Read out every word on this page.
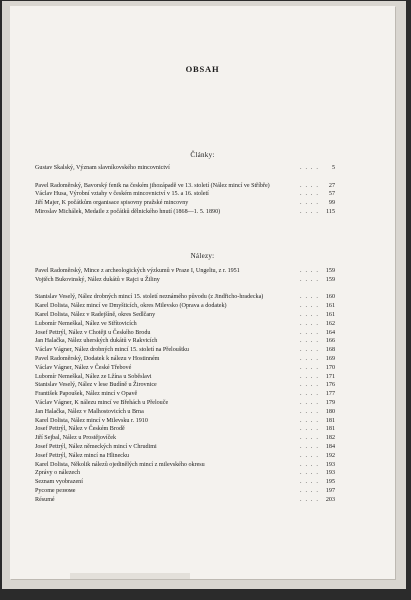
OBSAH
Články:
Gustav Skalský, Význam slavníkovského mincovnictví . . .	5
Pavel Radoměrský, Bavorský fenik na českém jihozápadě ve 13. století (Nález mincí ve Stříbře) . . .	27
Václav Husa, Výrobní vztahy v českém mincovnictví v 15. a 16. století . . .	57
Jiří Majer, K počátkům organisace spisovny pražské mincovny . . .	99
Miroslav Michálek, Medaile z počátků dělnického hnutí (1868—1. 5. 1890) . . .	115
Nálezy:
Pavel Radoměrský, Mince z archeologických výzkumů v Praze I, Ungeltu, z r. 1951 . . .	159
Vojtěch Bukovinský, Nález dukátů v Rajci u Žiliny . . .	159
Stanislav Veselý, Nález drobných mincí 15. století neznámého původu (z Jindřicho-hradecka) . . .	160
Karel Dolista, Nález mincí ve Dmyšticích, okres Milevsko (Oprava a dodatek) . . .	161
Karel Dolista, Nález v Radejšíně, okres Sedlčany . . .	161
Lubomír Nemeškal, Nález ve Střítovicích . . .	162
Josef Pettrýl, Nález v Chotěji u Českého Brodu . . .	164
Jan Halačka, Nález uherských dukátů v Rakvicích . . .	166
Václav Vágner, Nález drobných mincí 15. století na Přelouštku . . .	168
Pavel Radoměrský, Dodatek k nálezu v Hostinném . . .	169
Václav Vágner, Nález v České Třebové . . .	170
Lubomír Nemeškal, Nález ze Lžína u Soběslavi . . .	171
Stanislav Veselý, Nález v lese Budíně u Žirovnice . . .	176
František Papoušek, Nález mincí v Opavě . . .	177
Václav Vágner, K nálezu mincí ve Břehách u Přelouče . . .	179
Jan Halačka, Nález v Malhostovicích u Brna . . .	180
Karel Dolista, Nález mincí v Milevsku r. 1910 . . .	181
Josef Pettrýl, Nález v Českém Brodě . . .	181
Jiří Sejbal, Nález u Prostějovíček . . .	182
Josef Pettrýl, Nález německých mincí v Chrudimi . . .	184
Josef Pettrýl, Nález mincí na Hlinecku . . .	192
Karel Dolista, Několik nálezů ojedinělých mincí z milevského okresu . . .	193
Zprávy o nálezech . . .	193
Seznam vyobrazení . . .	195
Pycomе pезюме . . .	197
Résumé . . .	203
